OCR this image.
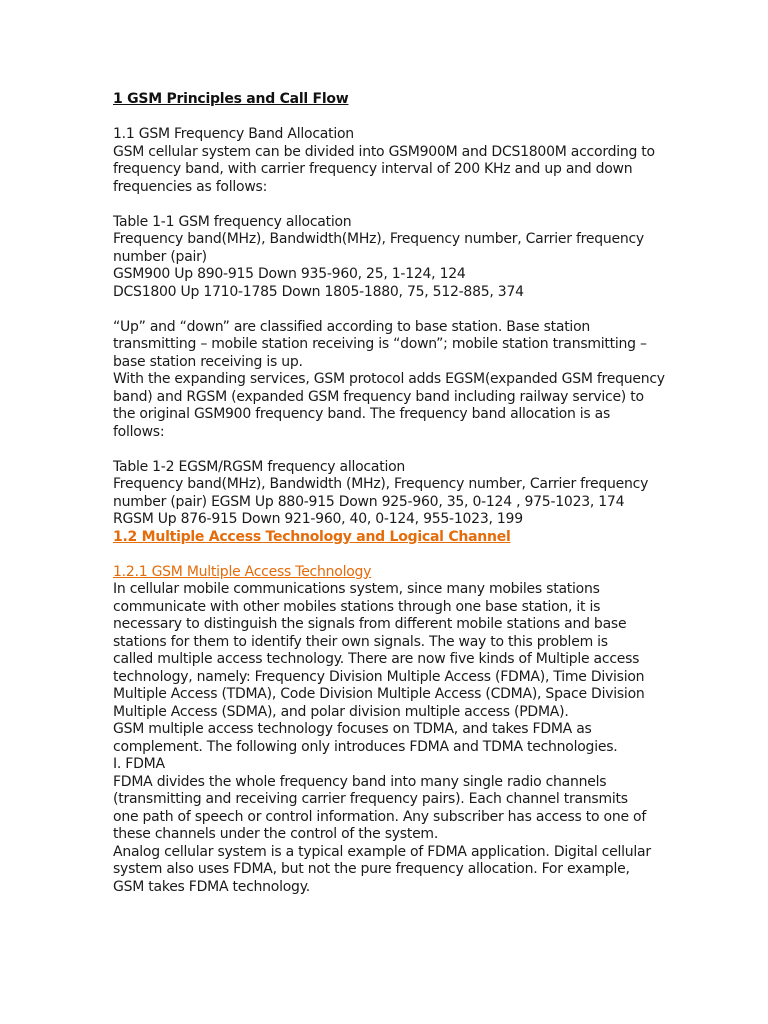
1 GSM Principles and Call Flow

1.1 GSM Frequency Band Allocation

GSM cellular system can be divided into GSM900M and DCS1800M according to

frequency band, with carrier frequency interval of 200 KHz and up and down

frequencies as follows:

Table 1-1 GSM frequency allocation

Frequency band(MHz), Bandwidth(MHz), Frequency number, Carrier frequency

number (pair)

GSM900 Up 890-915 Down 935-960, 25, 1-124, 124

DCS1800 Up 1710-1785 Down 1805-1880, 75, 512-885, 374

“Up” and “down” are classified according to base station. Base station

transmitting – mobile station receiving is “down”; mobile station transmitting –

base station receiving is up.

With the expanding services, GSM protocol adds EGSM(expanded GSM frequency

band) and RGSM (expanded GSM frequency band including railway service) to

the original GSM900 frequency band. The frequency band allocation is as

follows:

Table 1-2 EGSM/RGSM frequency allocation

Frequency band(MHz), Bandwidth (MHz), Frequency number, Carrier frequency

number (pair) EGSM Up 880-915 Down 925-960, 35, 0-124 , 975-1023, 174

RGSM Up 876-915 Down 921-960, 40, 0-124, 955-1023, 199

1.2 Multiple Access Technology and Logical Channel

1.2.1 GSM Multiple Access Technology

In cellular mobile communications system, since many mobiles stations

communicate with other mobiles stations through one base station, it is

necessary to distinguish the signals from different mobile stations and base

stations for them to identify their own signals. The way to this problem is

called multiple access technology. There are now five kinds of Multiple access

technology, namely: Frequency Division Multiple Access (FDMA), Time Division

Multiple Access (TDMA), Code Division Multiple Access (CDMA), Space Division

Multiple Access (SDMA), and polar division multiple access (PDMA).

GSM multiple access technology focuses on TDMA, and takes FDMA as

complement. The following only introduces FDMA and TDMA technologies.

I. FDMA

FDMA divides the whole frequency band into many single radio channels

(transmitting and receiving carrier frequency pairs). Each channel transmits

one path of speech or control information. Any subscriber has access to one of

these channels under the control of the system.

Analog cellular system is a typical example of FDMA application. Digital cellular

system also uses FDMA, but not the pure frequency allocation. For example,

GSM takes FDMA technology.
